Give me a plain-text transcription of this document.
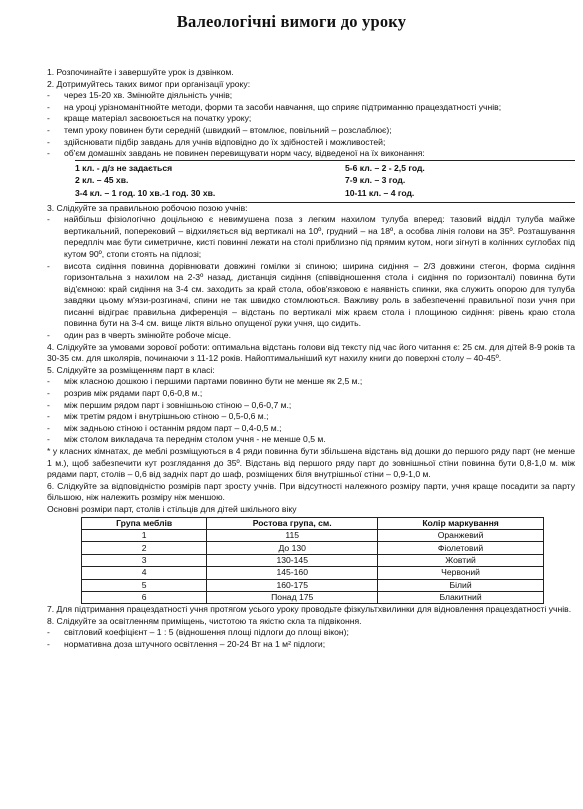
Валеологічні вимоги до уроку

1. Розпочинайте і завершуйте урок із дзвінком.

2. Дотримуйтесь таких вимог при організації уроку:

-	через 15-20 хв. Змінюйте діяльність учнів;
-	на уроці урізноманітнюйте методи, форми та засоби навчання, що сприяє підтриманню працездатності учнів;
-	краще матеріал засвоюється на початку уроку;
-	темп уроку повинен бути середній (швидкий – втомлює, повільний – розслаблює);
-	здійснювати підбір завдань для учнів відповідно до їх здібностей і можливостей;
-	об'єм домашніх завдань не повинен перевищувати норм часу, відведеної на їх виконання:
1 кл. - д/з не задається	5-6 кл. – 2 - 2,5 год.
2 кл. – 45 хв.	7-9 кл. – 3 год.
3-4 кл. – 1 год. 10 хв.-1 год. 30 хв.	10-11 кл. – 4 год.

3. Слідкуйте за правильною робочою позою учнів:

-	найбільш фізіологічно доцільною є невимушена поза з легким нахилом тулуба вперед: тазовий відділ тулуба майже вертикальний, поперековий – відхиляється від вертикалі на 10º, грудний – на 18º, а особва лінія голови на 35º. Розташування передпліч має бути симетричне, кисті повинні лежати на столі приблизно під прямим кутом, ноги зігнуті в колінних суглобах під кутом 90º, стопи стоять на підлозі;
-	висота сидіння повинна дорівнювати довжині гомілки зі спиною; ширина сидіння – 2/3 довжини стегон, форма сидіння горизонтальна з нахилом на 2-3º назад, дистанція сидіння (співвідношення стола і сидіння по горизонталі) повинна бути від'ємною: край сидіння на 3-4 см. заходить за край стола, обов'язковою є наявність спинки, яка служить опорою для тулуба завдяки цьому м'язи-розгиначі, спини не так швидко стомлюються. Важливу роль в забезпеченні правильної пози учня при писанні відіграє правильна диференція – відстань по вертикалі між краєм стола і площиною сидіння: рівень краю стола повинна бути на 3-4 см. вище ліктя вільно опущеної руки учня, що сидить.
-	один раз в чверть змінюйте робоче місце.

4. Слідкуйте за умовами зорової роботи: оптимальна відстань голови від тексту під час його читання є: 25 см. для дітей 8-9 років та 30-35 см. для школярів, починаючи з 11-12 років. Найоптимальніший кут нахилу книги до поверхні столу – 40-45º.

5. Слідкуйте за розміщенням парт в класі:

-	між класною дошкою і першими партами повинно бути не менше як 2,5 м.;
-	розрив між рядами парт 0,6-0,8 м.;
-	між першим рядом парт і зовнішньою стіною – 0,6-0,7 м.;
-	між третім рядом і внутрішньою стіною – 0,5-0,6 м.;
-	між задньою стіною і останнім рядом парт – 0,4-0,5 м.;
-	між столом викладача та переднім столом учня - не менше 0,5 м.

* у класних кімнатах, де меблі розміщуються в 4 ряди повинна бути збільшена відстань від дошки до першого ряду парт (не менше 1 м.), щоб забезпечити кут розглядання до 35º. Відстань від першого ряду парт до зовнішньої стіни повинна бути 0,8-1,0 м. між рядами парт, столів – 0,6 від задніх парт до шаф, розміщених біля внутрішньої стіни – 0,9-1,0 м.

6. Слідкуйте за відповідністю розмірів парт зросту учнів. При відсутності належного розміру парти, учня краще посадити за парту більшою, ніж належить розміру ніж меншою.

Основні розміри парт, столів і стільців для дітей шкільного віку

Група меблів	Ростова група, см.	Колір маркування
1	115	Оранжевий
2	До 130	Фіолетовий
3	130-145	Жовтий
4	145-160	Червоний
5	160-175	Білий
6	Понад 175	Блакитний

7. Для підтримання працездатності учня протягом усього уроку проводьте фізкультхвилинки для відновлення працездатності учнів.

8. Слідкуйте за освітленням приміщень, чистотою та якістю скла та підвіконня.

-	світловий коефіцієнт – 1 : 5 (відношення площі підлоги до площі вікон);
-	нормативна доза штучного освітлення – 20-24 Вт на 1 м² підлоги;
